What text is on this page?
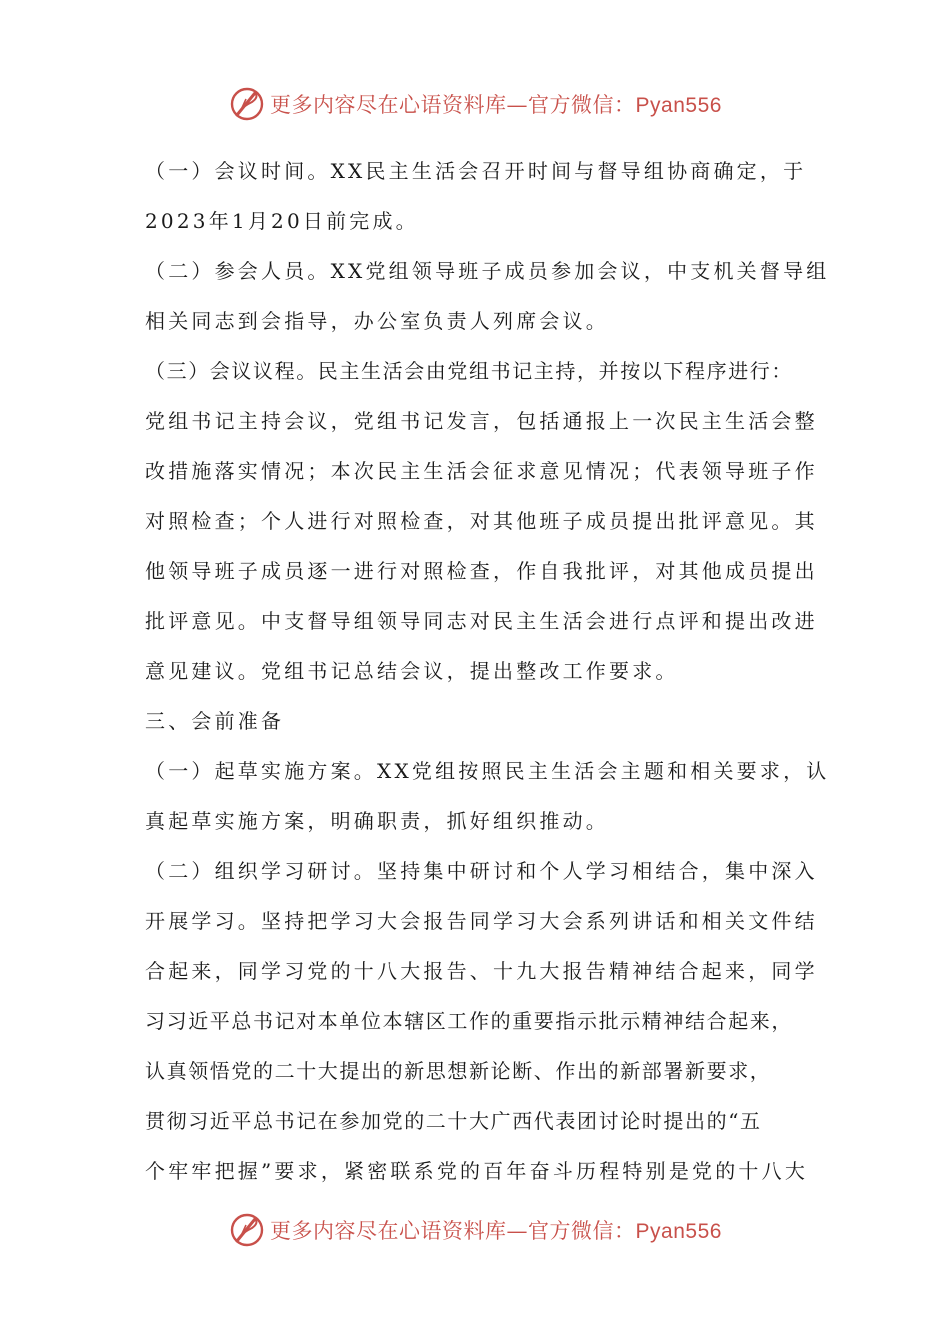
更多内容尽在心语资料库—官方微信：Pyan556
（一）会议时间。XX民主生活会召开时间与督导组协商确定，于
2023年1月20日前完成。
（二）参会人员。XX党组领导班子成员参加会议，中支机关督导组
相关同志到会指导，办公室负责人列席会议。
（三）会议议程。民主生活会由党组书记主持，并按以下程序进行：
党组书记主持会议，党组书记发言，包括通报上一次民主生活会整
改措施落实情况；本次民主生活会征求意见情况；代表领导班子作
对照检查；个人进行对照检查，对其他班子成员提出批评意见。其
他领导班子成员逐一进行对照检查，作自我批评，对其他成员提出
批评意见。中支督导组领导同志对民主生活会进行点评和提出改进
意见建议。党组书记总结会议，提出整改工作要求。
三、会前准备
（一）起草实施方案。XX党组按照民主生活会主题和相关要求，认
真起草实施方案，明确职责，抓好组织推动。
（二）组织学习研讨。坚持集中研讨和个人学习相结合，集中深入
开展学习。坚持把学习大会报告同学习大会系列讲话和相关文件结
合起来，同学习党的十八大报告、十九大报告精神结合起来，同学
习习近平总书记对本单位本辖区工作的重要指示批示精神结合起来，
认真领悟党的二十大提出的新思想新论断、作出的新部署新要求，
贯彻习近平总书记在参加党的二十大广西代表团讨论时提出的“五
个牢牢把握”要求，紧密联系党的百年奋斗历程特别是党的十八大
更多内容尽在心语资料库—官方微信：Pyan556
